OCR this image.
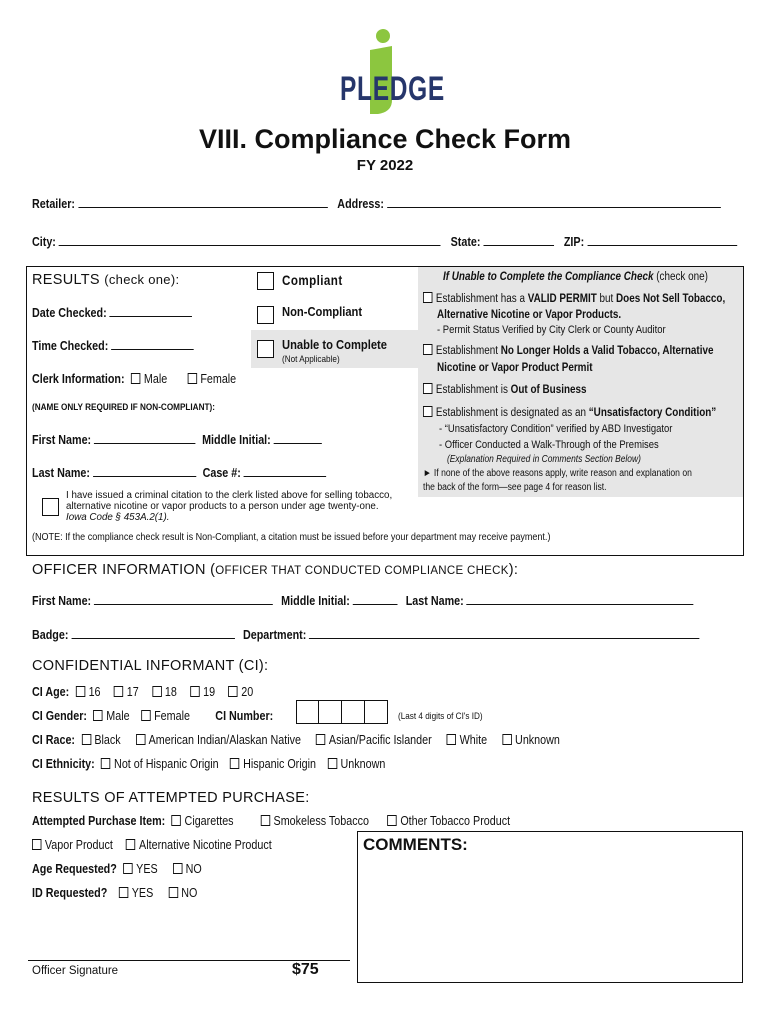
PLEDGE
VIII. Compliance Check Form
FY 2022
Retailer:	Address:
City:	State:	ZIP:
RESULTS (check one):
Date Checked:
Time Checked:
Compliant
Non-Compliant
Unable to Complete
(Not Applicable)
Clerk Information: Male	Female
(NAME ONLY REQUIRED IF NON-COMPLIANT):
First Name:	Middle Initial:
Last Name:	Case #:
I have issued a criminal citation to the clerk listed above for selling tobacco,
alternative nicotine or vapor products to a person under age twenty-one.
Iowa Code § 453A.2(1).
(NOTE: If the compliance check result is Non-Compliant, a citation must be issued before your department may receive payment.)
If Unable to Complete the Compliance Check (check one)
Establishment has a VALID PERMIT but Does Not Sell Tobacco,
Alternative Nicotine or Vapor Products.
- Permit Status Verified by City Clerk or County Auditor
Establishment No Longer Holds a Valid Tobacco, Alternative
Nicotine or Vapor Product Permit
Establishment is Out of Business
Establishment is designated as an “Unsatisfactory Condition”
- “Unsatisfactory Condition” verified by ABD Investigator
- Officer Conducted a Walk-Through of the Premises
(Explanation Required in Comments Section Below)
► If none of the above reasons apply, write reason and explanation on
the back of the form—see page 4 for reason list.
OFFICER INFORMATION (OFFICER THAT CONDUCTED COMPLIANCE CHECK):
First Name:	Middle Initial:	Last Name:
Badge:	Department:
CONFIDENTIAL INFORMANT (CI):
CI Age: 16 17 18 19 20
CI Gender: Male Female CI Number:	(Last 4 digits of CI's ID)
CI Race: Black American Indian/Alaskan Native Asian/Pacific Islander White Unknown
CI Ethnicity: Not of Hispanic Origin Hispanic Origin Unknown
RESULTS OF ATTEMPTED PURCHASE:
Attempted Purchase Item: Cigarettes	Smokeless Tobacco	Other Tobacco Product
Vapor Product Alternative Nicotine Product
Age Requested? YES NO
ID Requested? YES NO
COMMENTS:
Officer Signature	$75
